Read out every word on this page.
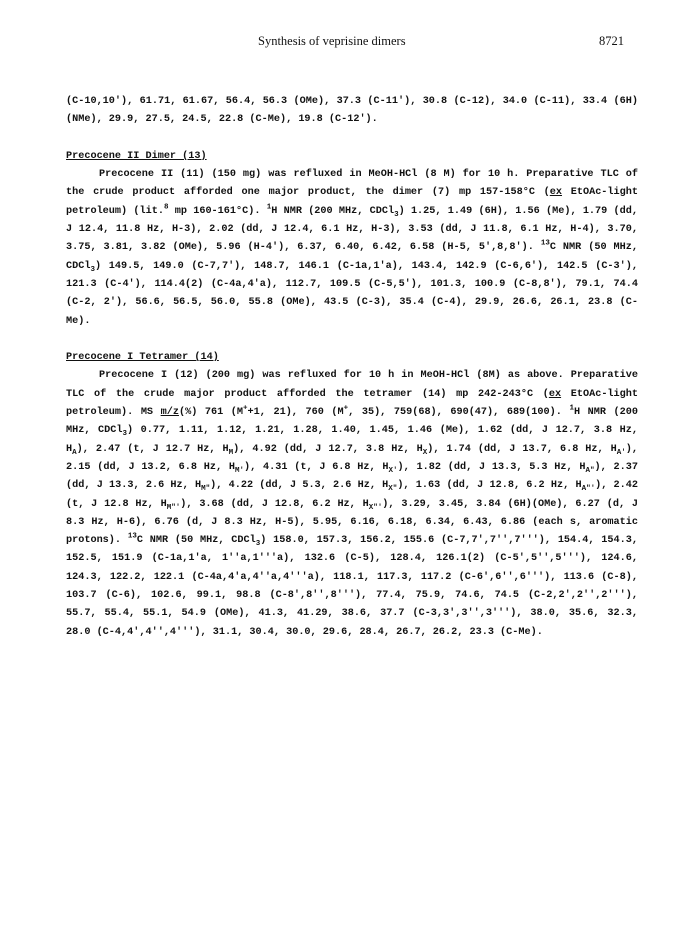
Synthesis of veprisine dimers	8721

(C-10,10'), 61.71, 61.67, 56.4, 56.3 (OMe), 37.3 (C-11'), 30.8 (C-12), 34.0 (C-11), 33.4 (6H)(NMe), 29.9, 27.5, 24.5, 22.8 (C-Me), 19.8 (C-12').

Precocene II Dimer (13)

Precocene II (11) (150 mg) was refluxed in MeOH-HCl (8 M) for 10 h. Preparative TLC of the crude product afforded one major product, the dimer (7) mp 157-158°C (ex EtOAc-light petroleum) (lit.$^8$ mp 160-161°C). $^1$H NMR (200 MHz, CDCl$_3$) 1.25, 1.49 (6H), 1.56 (Me), 1.79 (dd, J 12.4, 11.8 Hz, H-3), 2.02 (dd, J 12.4, 6.1 Hz, H-3), 3.53 (dd, J 11.8, 6.1 Hz, H-4), 3.70, 3.75, 3.81, 3.82 (OMe), 5.96 (H-4'), 6.37, 6.40, 6.42, 6.58 (H-5, 5',8,8'). $^{13}$C NMR (50 MHz, CDCl$_3$) 149.5, 149.0 (C-7,7'), 148.7, 146.1 (C-1a,1'a), 143.4, 142.9 (C-6,6'), 142.5 (C-3'), 121.3 (C-4'), 114.4(2) (C-4a,4'a), 112.7, 109.5 (C-5,5'), 101.3, 100.9 (C-8,8'), 79.1, 74.4 (C-2, 2'), 56.6, 56.5, 56.0, 55.8 (OMe), 43.5 (C-3), 35.4 (C-4), 29.9, 26.6, 26.1, 23.8 (C-Me).

Precocene I Tetramer (14)

Precocene I (12) (200 mg) was refluxed for 10 h in MeOH-HCl (8M) as above. Preparative TLC of the crude major product afforded the tetramer (14) mp 242-243°C (ex EtOAc-light petroleum). MS m/z(%) 761 (M++1, 21), 760 (M+, 35), 759(68), 690(47), 689(100). $^1$H NMR (200 MHz, CDCl$_3$) 0.77, 1.11, 1.12, 1.21, 1.28, 1.40, 1.45, 1.46 (Me), 1.62 (dd, J 12.7, 3.8 Hz, $H_A$), 2.47 (t, J 12.7 Hz, $H_M$), 4.92 (dd, J 12.7, 3.8 Hz, $H_X$), 1.74 (dd, J 13.7, 6.8 Hz, $H_{A'}$), 2.15 (dd, J 13.2, 6.8 Hz, $H_{M'}$), 4.31 (t, J 6.8 Hz, $H_{X'}$), 1.82 (dd, J 13.3, 5.3 Hz, $H_{A"}$), 2.37 (dd, J 13.3, 2.6 Hz, $H_{M"}$), 4.22 (dd, J 5.3, 2.6 Hz, $H_{X"}$), 1.63 (dd, J 12.8, 6.2 Hz, $H_{A"'}$), 2.42 (t, J 12.8 Hz, $H_{M"'}$), 3.68 (dd, J 12.8, 6.2 Hz, $H_{X"'}$), 3.29, 3.45, 3.84 (6H)(OMe), 6.27 (d, J 8.3 Hz, H-6), 6.76 (d, J 8.3 Hz, H-5), 5.95, 6.16, 6.18, 6.34, 6.43, 6.86 (each s, aromatic protons). $^{13}$C NMR (50 MHz, CDCl$_3$) 158.0, 157.3, 156.2, 155.6 (C-7,7',7'',7'''), 154.4, 154.3, 152.5, 151.9 (C-1a,1'a, 1''a,1'''a), 132.6 (C-5), 128.4, 126.1(2) (C-5',5'',5'''), 124.6, 124.3, 122.2, 122.1 (C-4a,4'a,4''a,4'''a), 118.1, 117.3, 117.2 (C-6',6'',6'''), 113.6 (C-8), 103.7 (C-6), 102.6, 99.1, 98.8 (C-8',8'',8'''), 77.4, 75.9, 74.6, 74.5 (C-2,2',2'',2'''), 55.7, 55.4, 55.1, 54.9 (OMe), 41.3, 41.29, 38.6, 37.7 (C-3,3',3'',3'''), 38.0, 35.6, 32.3, 28.0 (C-4,4',4'',4'''), 31.1, 30.4, 30.0, 29.6, 28.4, 26.7, 26.2, 23.3 (C-Me).
